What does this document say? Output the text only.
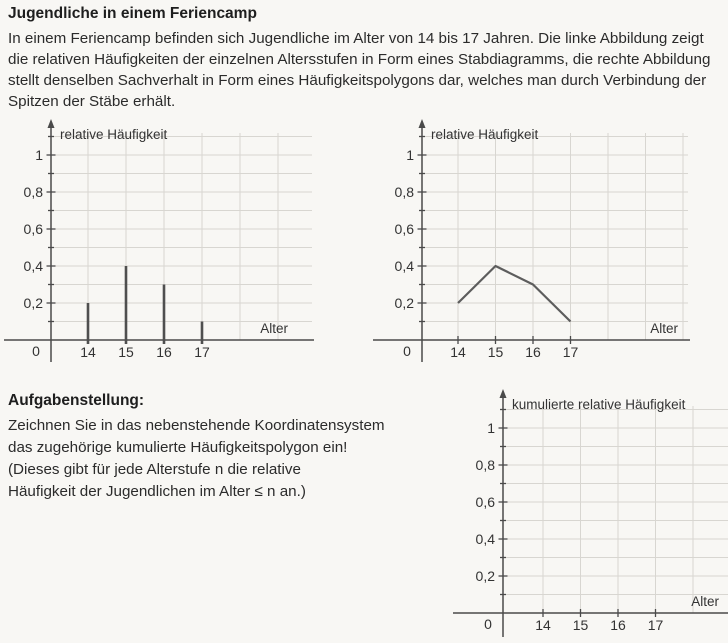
Jugendliche in einem Feriencamp
In einem Feriencamp befinden sich Jugendliche im Alter von 14 bis 17 Jahren. Die linke Abbildung zeigt
die relativen Häufigkeiten der einzelnen Altersstufen in Form eines Stabdiagramms, die rechte Abbildung
stellt denselben Sachverhalt in Form eines Häufigkeitspolygons dar, welches man durch Verbindung der
Spitzen der Stäbe erhält.
0,2
0,4
0,6
0,8
1
0	14 15 16 17
relative Häufigkeit
Alter
0,2
0,4
0,6
0,8
1
0	14 15 16 17
relative Häufigkeit
Alter
Aufgabenstellung:
Zeichnen Sie in das nebenstehende Koordinatensystem
das zugehörige kumulierte Häufigkeitspolygon ein!
(Dieses gibt für jede Alterstufe n die relative
Häufigkeit der Jugendlichen im Alter ≤ n an.)
0,2
0,4
0,6
0,8
1
0	14 15 16 17
kumulierte relative Häufigkeit
Alter
